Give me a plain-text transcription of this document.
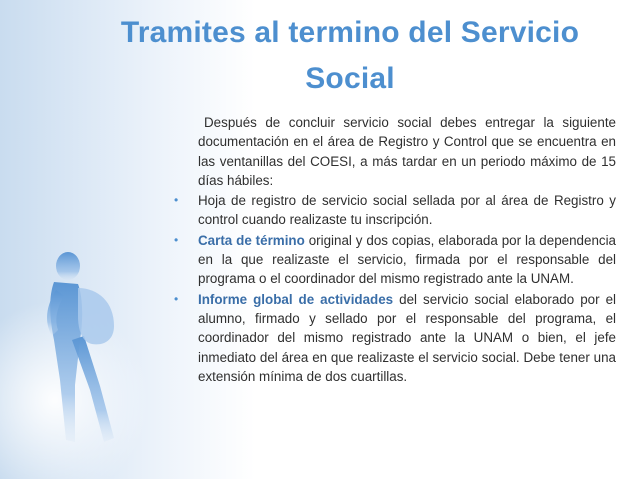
Tramites al termino del Servicio
Social

Después de concluir servicio social debes entregar la siguiente documentación en el área de Registro y Control que se encuentra en las ventanillas del COESI, a más tardar en un periodo máximo de 15 días hábiles:

• Hoja de registro de servicio social sellada por al área de Registro y control cuando realizaste tu inscripción.
• Carta de término original y dos copias, elaborada por la dependencia en la que realizaste el servicio, firmada por el responsable del programa o el coordinador del mismo registrado ante la UNAM.
• Informe global de actividades del servicio social elaborado por el alumno, firmado y sellado por el responsable del programa, el coordinador del mismo registrado ante la UNAM o bien, el jefe inmediato del área en que realizaste el servicio social. Debe tener una extensión mínima de dos cuartillas.
